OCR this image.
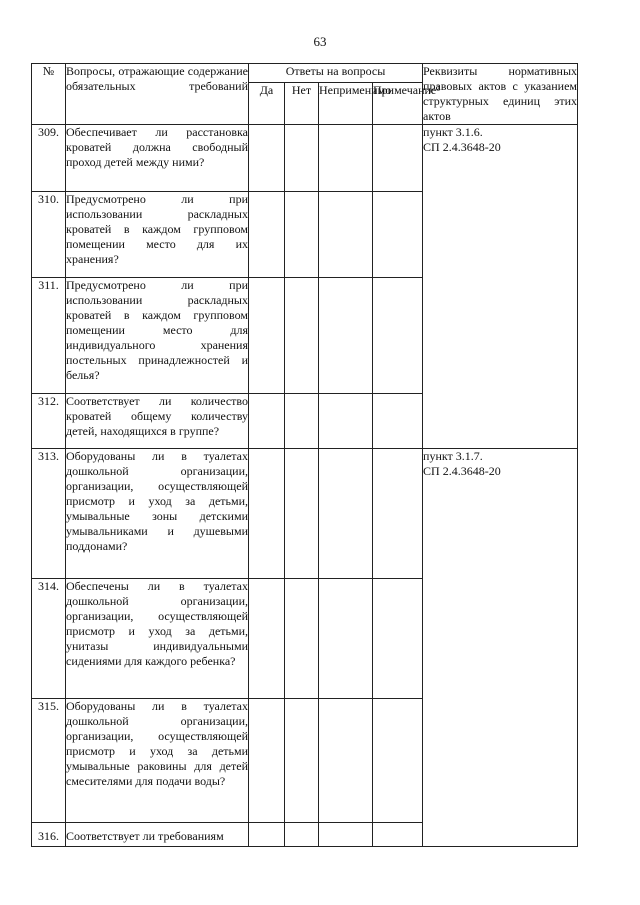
63
№	Вопросы, отражающие содержание обязательных требований	Ответы на вопросы				Реквизиты нормативных правовых актов с указанием структурных единиц этих актов
		Да	Нет	Неприменимо	Примечание²	
309.	Обеспечивает ли расстановка кроватей должна свободный проход детей между ними?					пункт 3.1.6.
СП 2.4.3648-20

310.	Предусмотрено ли при использовании раскладных кроватей в каждом групповом помещении место для их хранения?					
311.	Предусмотрено ли при использовании раскладных кроватей в каждом групповом помещении место для индивидуального хранения постельных принадлежностей и белья?					
312.	Соответствует ли количество кроватей общему количеству детей, находящихся в группе?					
313.	Оборудованы ли в туалетах дошкольной организации, организации, осуществляющей присмотр и уход за детьми, умывальные зоны детскими умывальниками и душевыми поддонами?					пункт 3.1.7.
СП 2.4.3648-20

314.	Обеспечены ли в туалетах дошкольной организации, организации, осуществляющей присмотр и уход за детьми, унитазы индивидуальными сидениями для каждого ребенка?					
315.	Оборудованы ли в туалетах дошкольной организации, организации, осуществляющей присмотр и уход за детьми умывальные раковины для детей смесителями для подачи воды?					
316.	Соответствует ли требованиям					
